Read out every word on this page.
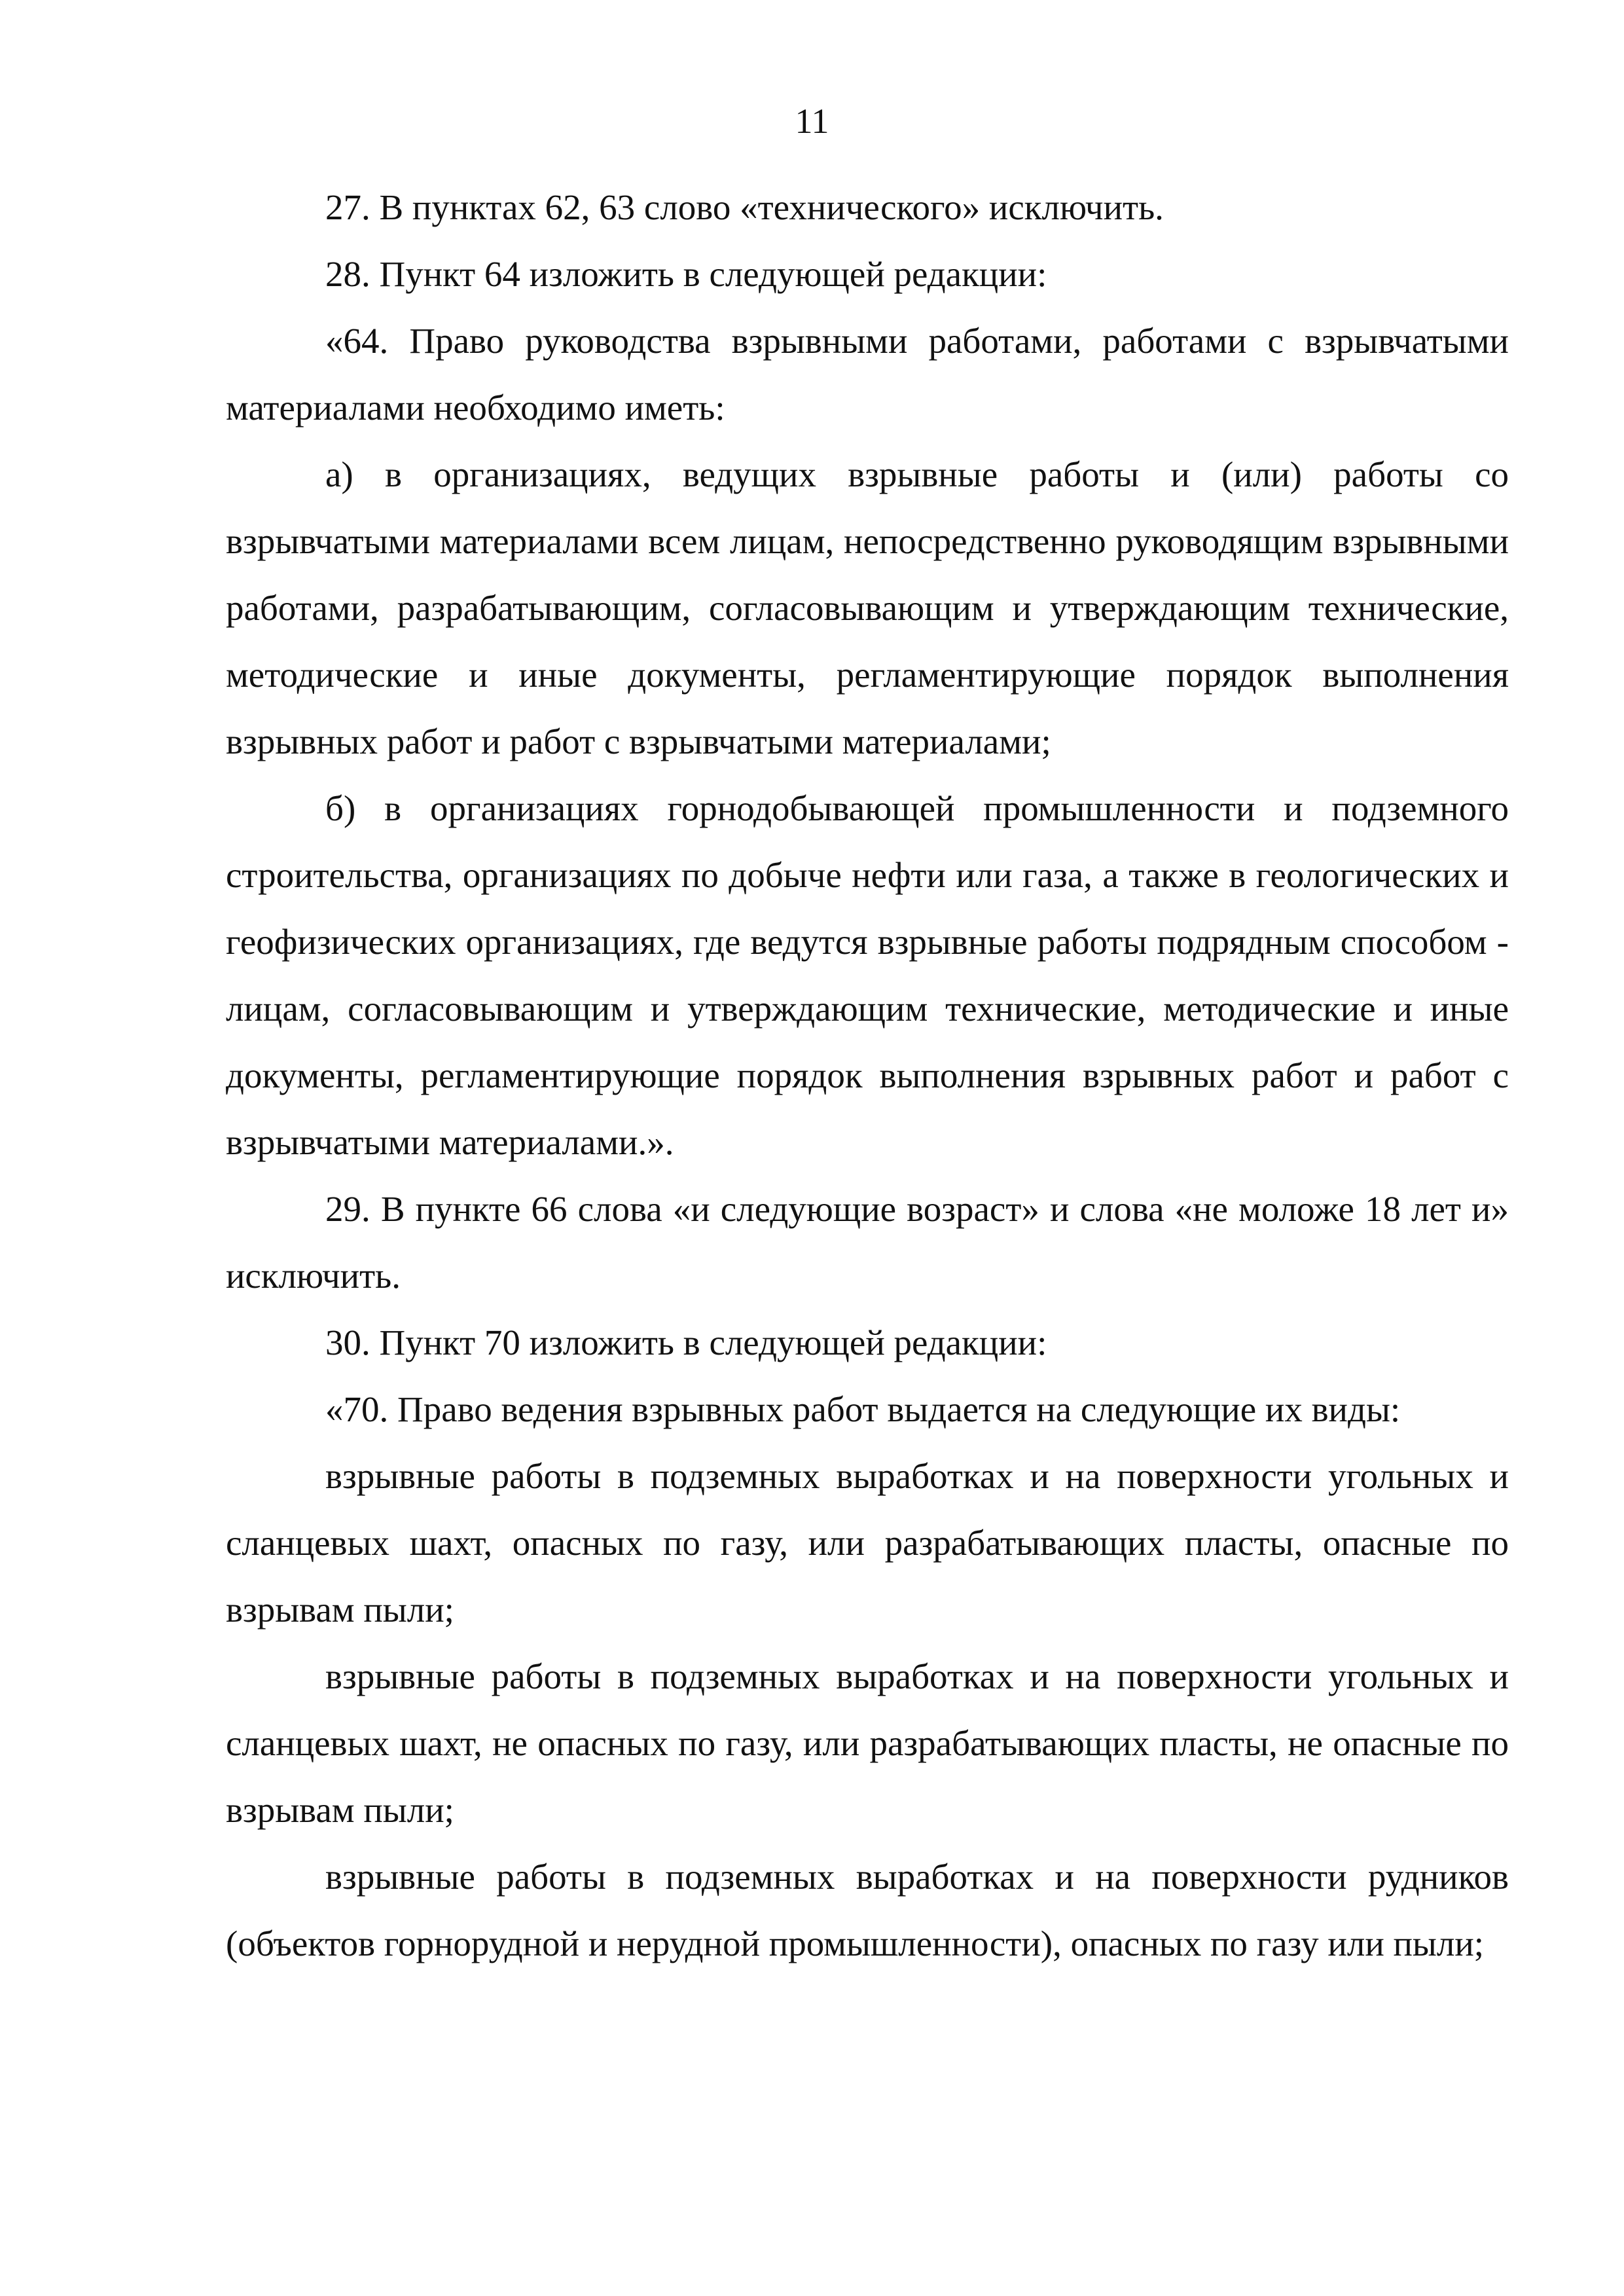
11

27. В пунктах 62, 63 слово «технического» исключить.

28. Пункт 64 изложить в следующей редакции:

«64. Право руководства взрывными работами, работами с взрывчатыми материалами необходимо иметь:

а) в организациях, ведущих взрывные работы и (или) работы со взрывчатыми материалами всем лицам, непосредственно руководящим взрывными работами, разрабатывающим, согласовывающим и утверждающим технические, методические и иные документы, регламентирующие порядок выполнения взрывных работ и работ с взрывчатыми материалами;

б) в организациях горнодобывающей промышленности и подземного строительства, организациях по добыче нефти или газа, а также в геологических и геофизических организациях, где ведутся взрывные работы подрядным способом - лицам, согласовывающим и утверждающим технические, методические и иные документы, регламентирующие порядок выполнения взрывных работ и работ с взрывчатыми материалами.».

29. В пункте 66 слова «и следующие возраст» и слова «не моложе 18 лет и» исключить.

30. Пункт 70 изложить в следующей редакции:

«70. Право ведения взрывных работ выдается на следующие их виды:

взрывные работы в подземных выработках и на поверхности угольных и сланцевых шахт, опасных по газу, или разрабатывающих пласты, опасные по взрывам пыли;

взрывные работы в подземных выработках и на поверхности угольных и сланцевых шахт, не опасных по газу, или разрабатывающих пласты, не опасные по взрывам пыли;

взрывные работы в подземных выработках и на поверхности рудников (объектов горнорудной и нерудной промышленности), опасных по газу или пыли;
